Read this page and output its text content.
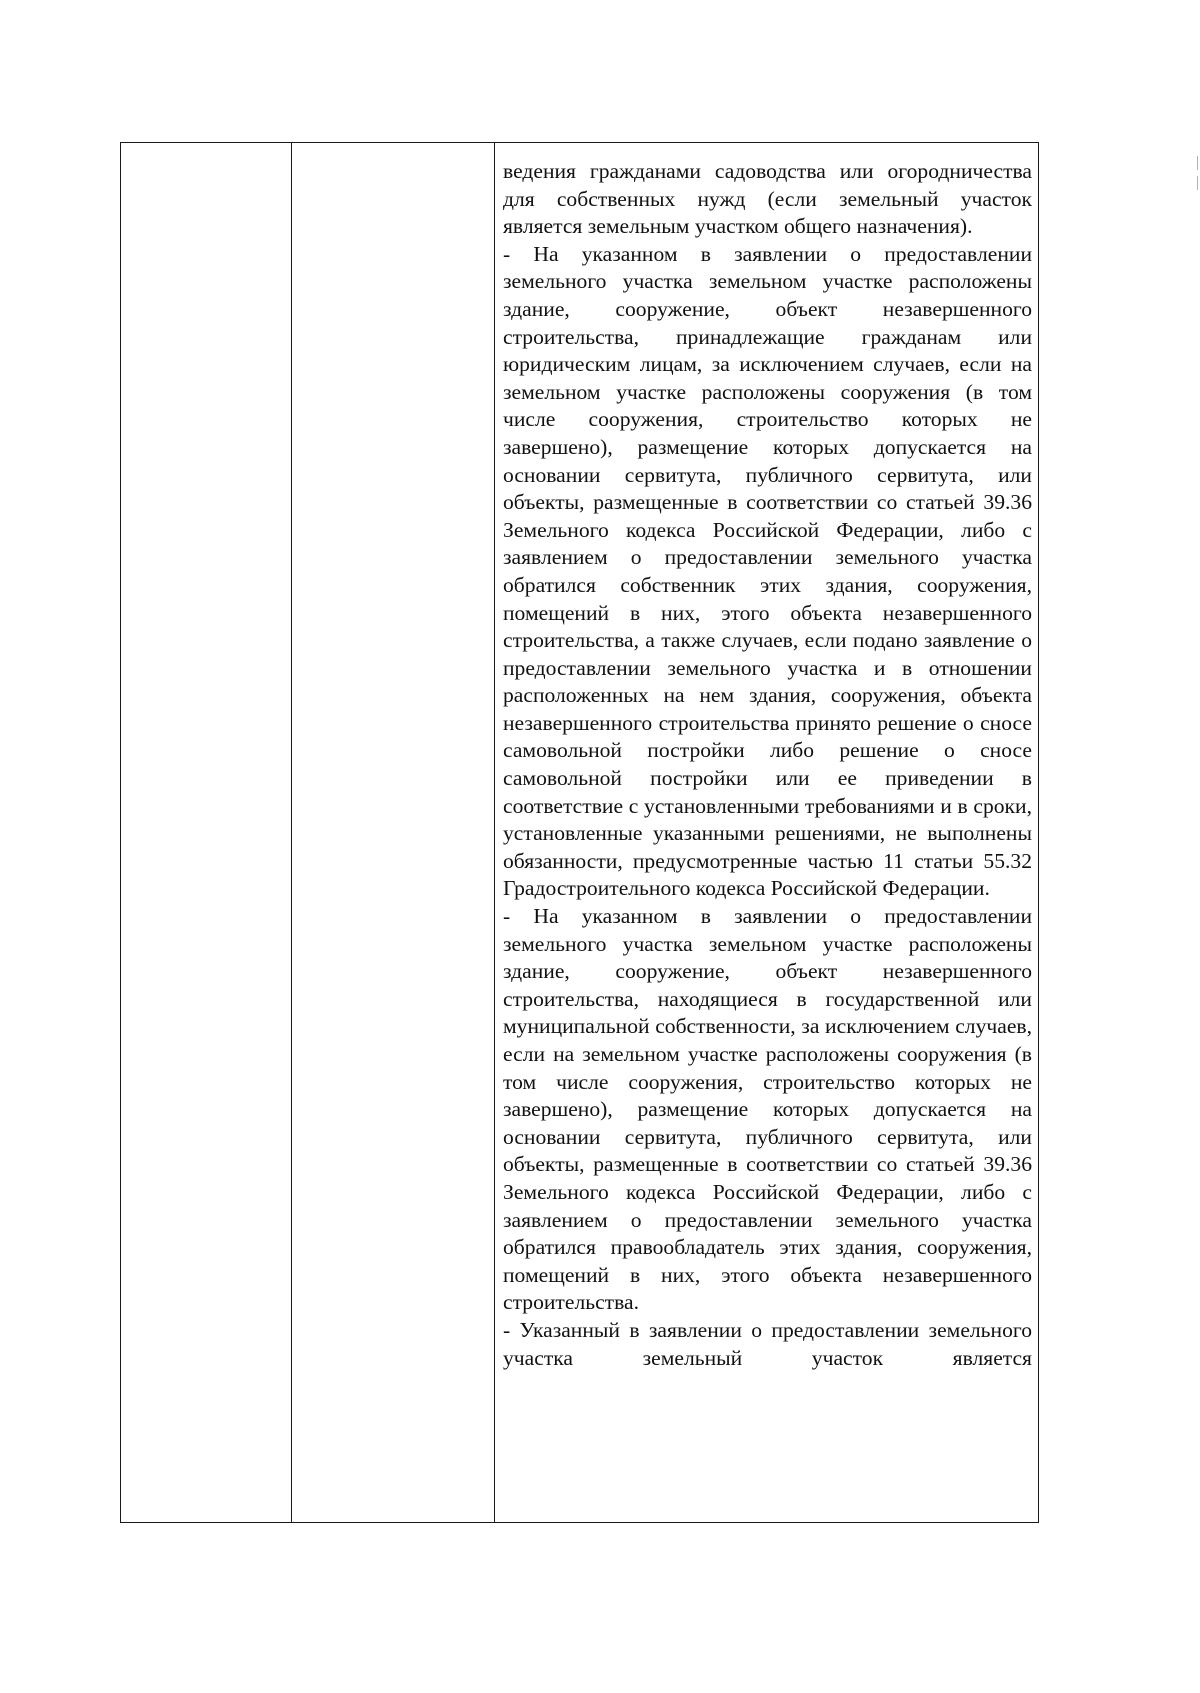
ведения гражданами садоводства или огородничества для собственных нужд (если земельный участок является земельным участком общего назначения).

- На указанном в заявлении о предоставлении земельного участка земельном участке расположены здание, сооружение, объект незавершенного строительства, принадлежащие гражданам или юридическим лицам, за исключением случаев, если на земельном участке расположены сооружения (в том числе сооружения, строительство которых не завершено), размещение которых допускается на основании сервитута, публичного сервитута, или объекты, размещенные в соответствии со статьей 39.36 Земельного кодекса Российской Федерации, либо с заявлением о предоставлении земельного участка обратился собственник этих здания, сооружения, помещений в них, этого объекта незавершенного строительства, а также случаев, если подано заявление о предоставлении земельного участка и в отношении расположенных на нем здания, сооружения, объекта незавершенного строительства принято решение о сносе самовольной постройки либо решение о сносе самовольной постройки или ее приведении в соответствие с установленными требованиями и в сроки, установленные указанными решениями, не выполнены обязанности, предусмотренные частью 11 статьи 55.32 Градостроительного кодекса Российской Федерации.

- На указанном в заявлении о предоставлении земельного участка земельном участке расположены здание, сооружение, объект незавершенного строительства, находящиеся в государственной или муниципальной собственности, за исключением случаев, если на земельном участке расположены сооружения (в том числе сооружения, строительство которых не завершено), размещение которых допускается на основании сервитута, публичного сервитута, или объекты, размещенные в соответствии со статьей 39.36 Земельного кодекса Российской Федерации, либо с заявлением о предоставлении земельного участка обратился правообладатель этих здания, сооружения, помещений в них, этого объекта незавершенного строительства.

- Указанный в заявлении о предоставлении земельного участка земельный участок является
